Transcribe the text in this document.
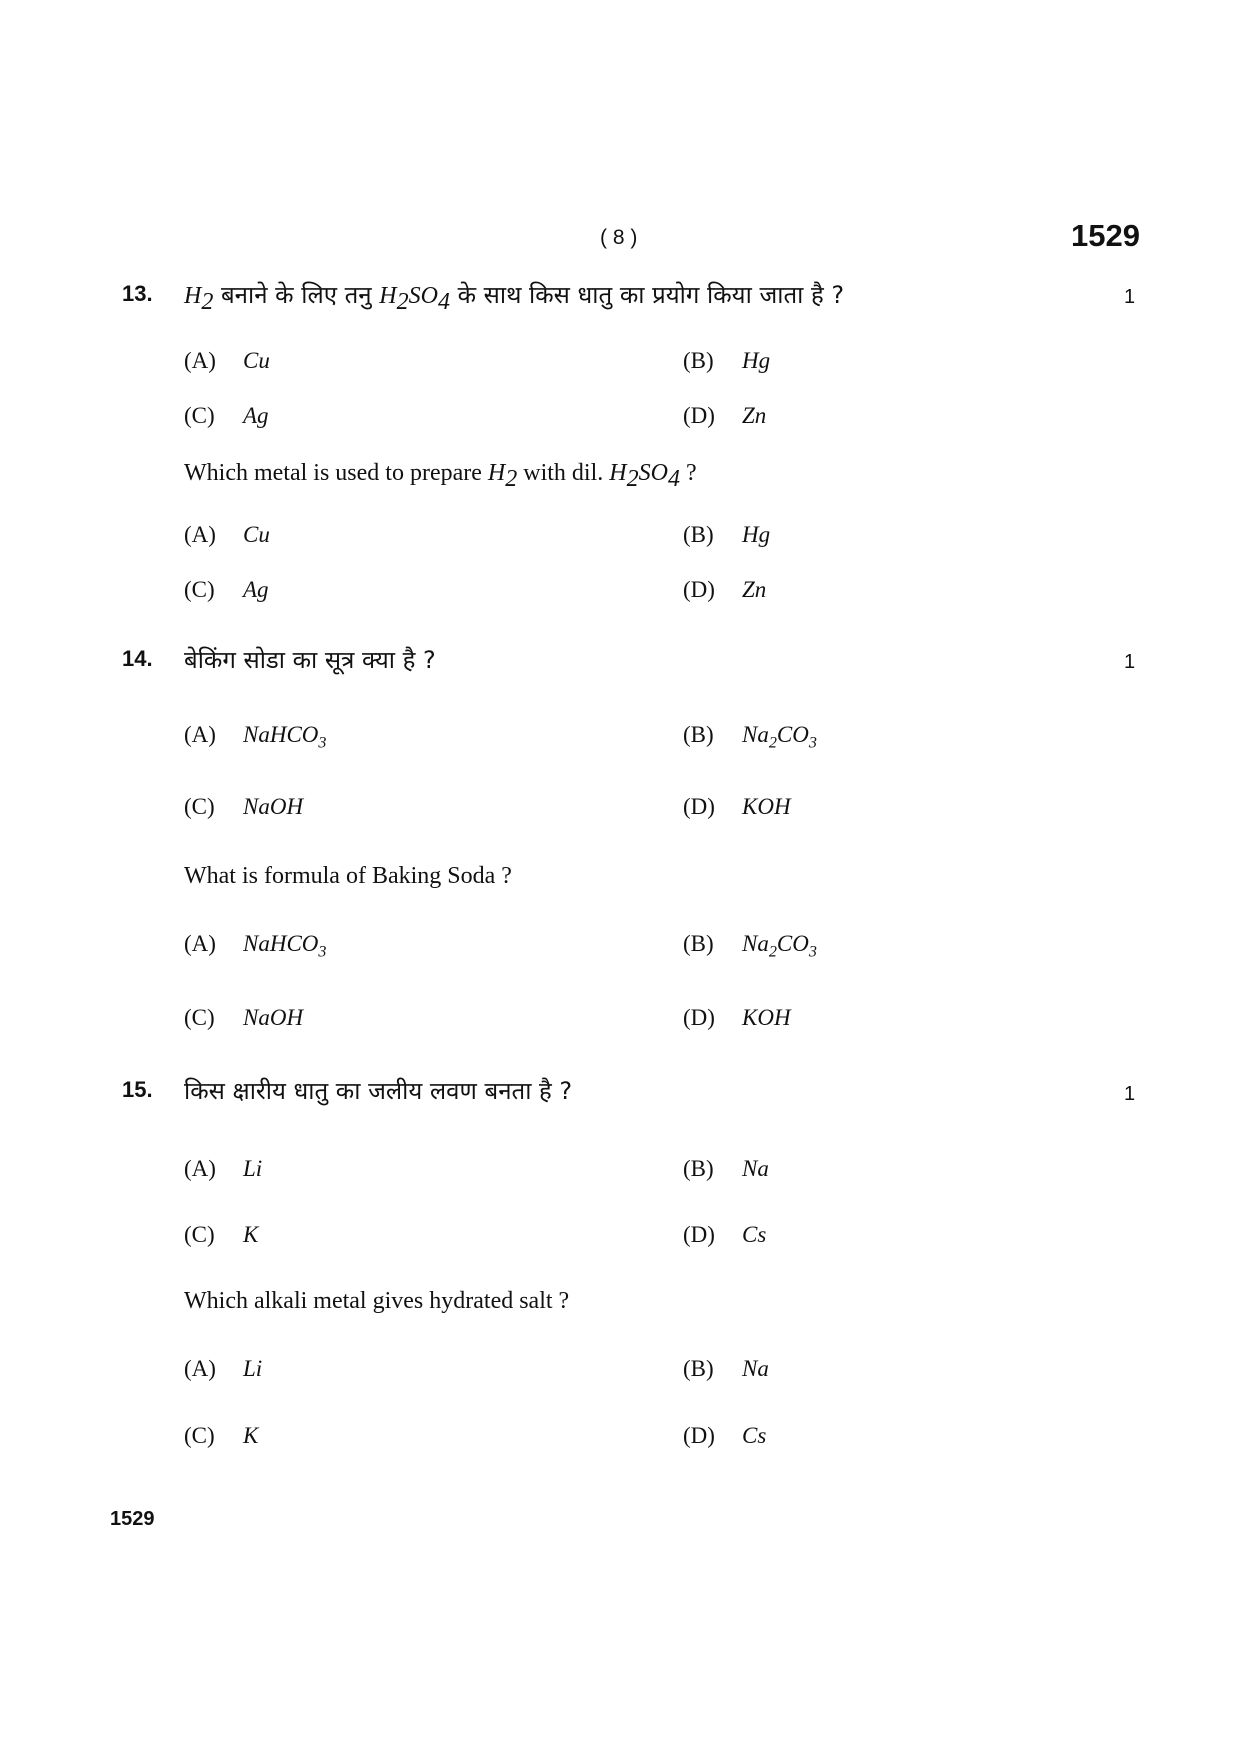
( 8 )	1529
13. $H_2$ बनाने के लिए तनु $H_2SO_4$ के साथ किस धातु का प्रयोग किया जाता है ?	1
(A) Cu	(B) Hg
(C) Ag	(D) Zn
Which metal is used to prepare $H_2$ with dil. $H_2SO_4$ ?
(A) Cu	(B) Hg
(C) Ag	(D) Zn
14. बेकिंग सोडा का सूत्र क्या है ?	1
(A) NaHCO$_3$	(B) $Na_2CO_3$
(C) NaOH	(D) KOH
What is formula of Baking Soda ?
(A) NaHCO$_3$	(B) $Na_2CO_3$
(C) NaOH	(D) KOH
15. किस क्षारीय धातु का जलीय लवण बनता है ?	1
(A) Li	(B) Na
(C) K	(D) Cs
Which alkali metal gives hydrated salt ?
(A) Li	(B) Na
(C) K	(D) Cs
1529
